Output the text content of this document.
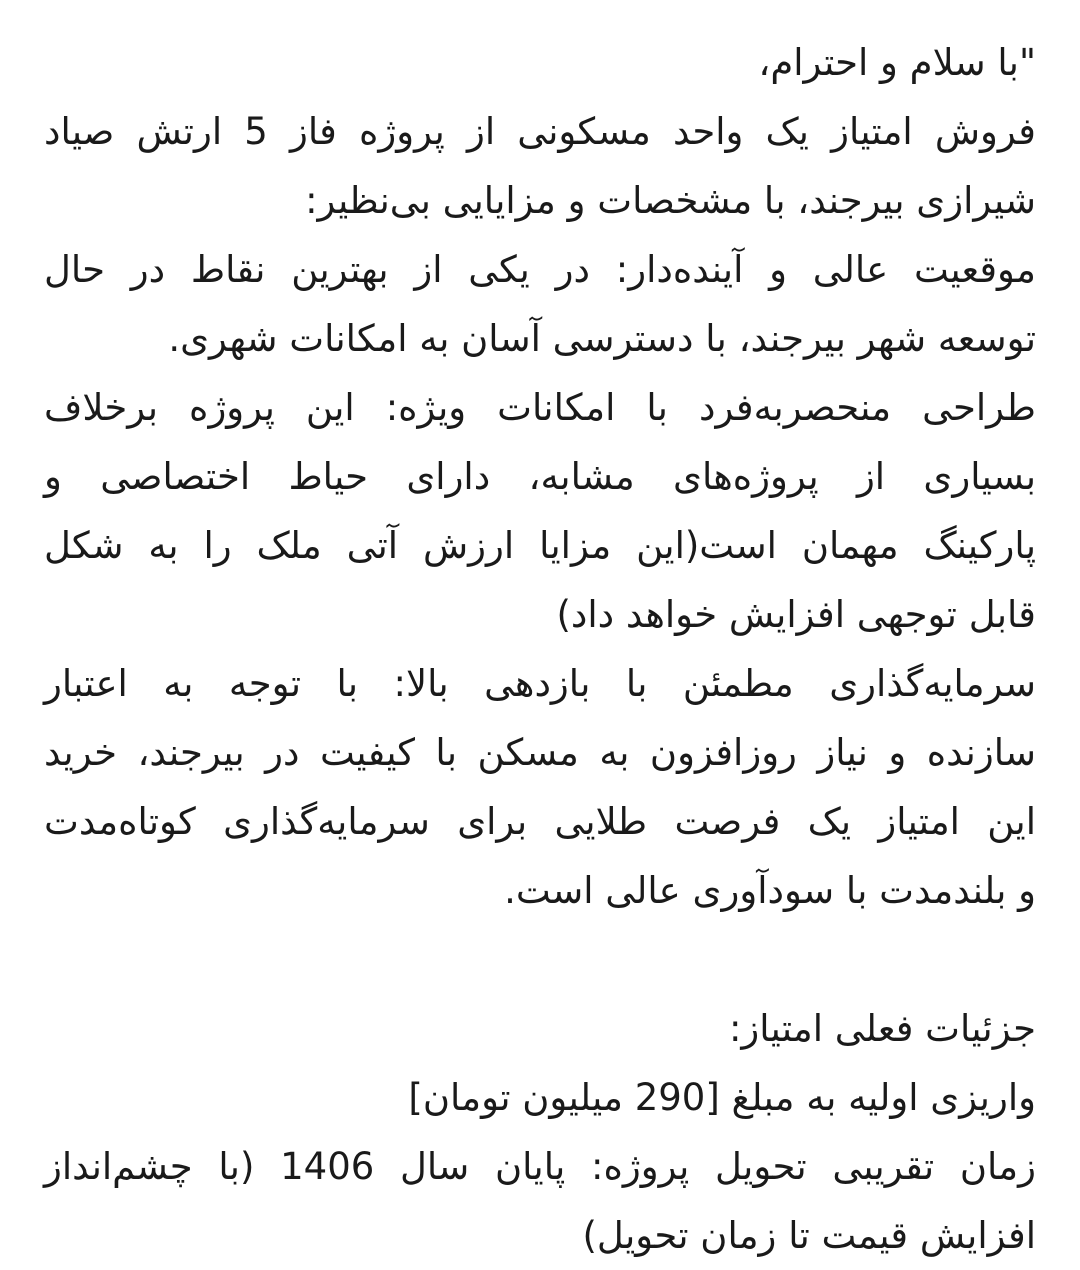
"با سلام و احترام،
فروش امتیاز یک واحد مسکونی از پروژه فاز 5 ارتش صیاد
شیرازی بیرجند، با مشخصات و مزایایی بی‌نظیر:
موقعیت عالی و آینده‌دار: در یکی از بهترین نقاط در حال
توسعه شهر بیرجند، با دسترسی آسان به امکانات شهری.
طراحی منحصربه‌فرد با امکانات ویژه: این پروژه برخلاف
بسیاری از پروژه‌های مشابه، دارای حیاط اختصاصی و
پارکینگ مهمان است(این مزایا ارزش آتی ملک را به شکل
قابل توجهی افزایش خواهد داد)
سرمایه‌گذاری مطمئن با بازدهی بالا: با توجه به اعتبار
سازنده و نیاز روزافزون به مسکن با کیفیت در بیرجند، خرید
این امتیاز یک فرصت طلایی برای سرمایه‌گذاری کوتاه‌مدت
و بلندمدت با سودآوری عالی است.
جزئیات فعلی امتیاز:
واریزی اولیه به مبلغ [290 میلیون تومان]
زمان تقریبی تحویل پروژه: پایان سال 1406 (با چشم‌انداز
افزایش قیمت تا زمان تحویل)
